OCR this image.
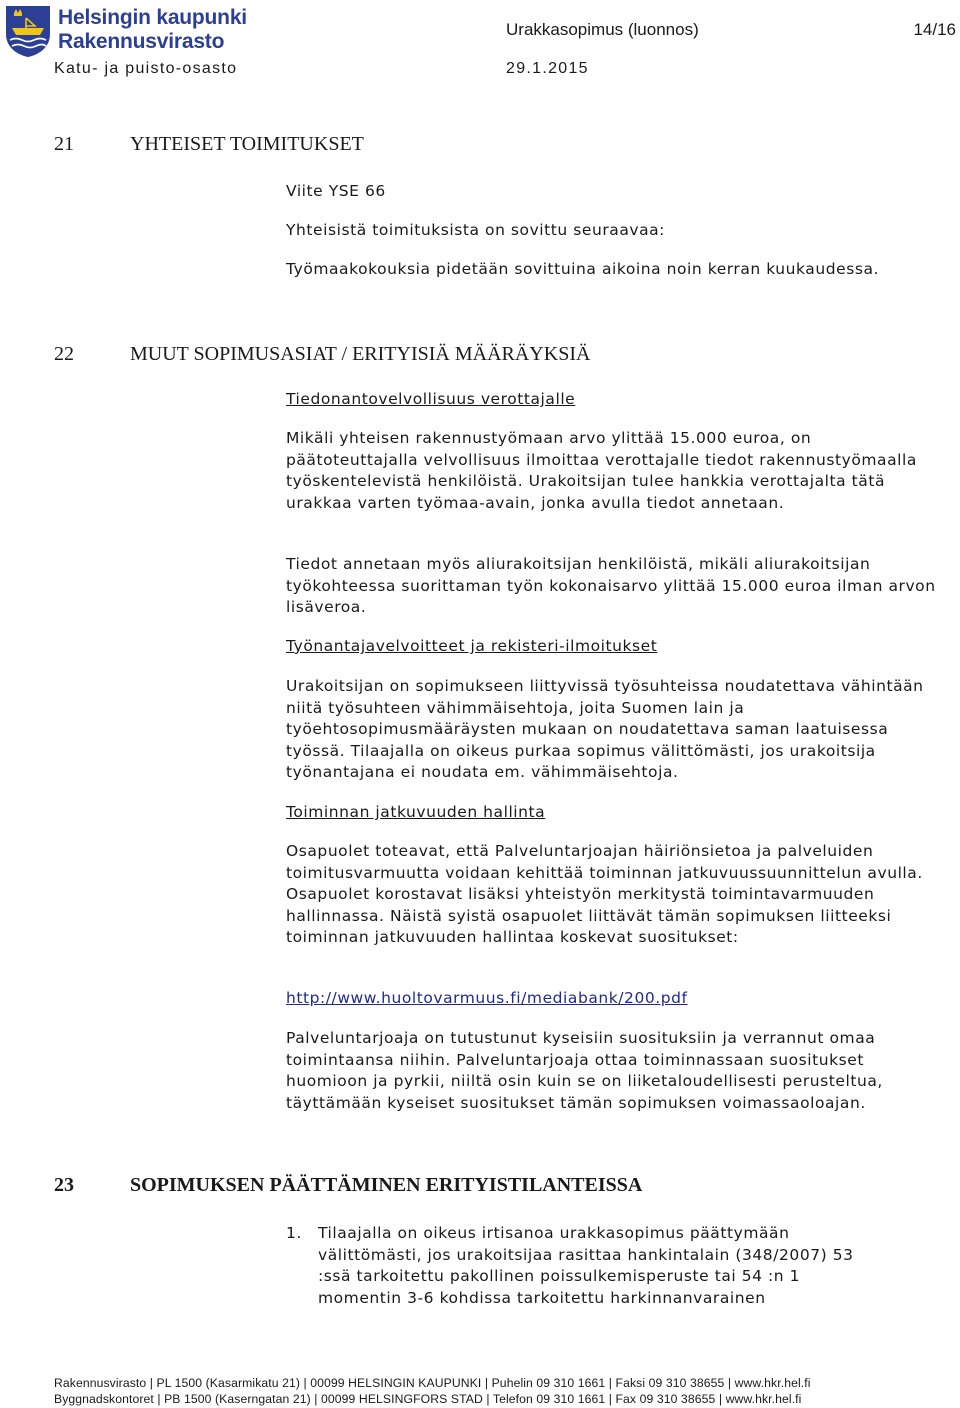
Helsingin kaupunki
Rakennusvirasto
Urakkasopimus (luonnos)	14/16
Katu- ja puisto-osasto	29.1.2015
21	YHTEISET TOIMITUKSET
Viite YSE 66
Yhteisistä toimituksista on sovittu seuraavaa:
Työmaakokouksia pidetään sovittuina aikoina noin kerran kuukaudessa.
22	MUUT SOPIMUSASIAT / ERITYISIÄ MÄÄRÄYKSIÄ
Tiedonantovelvollisuus verottajalle
Mikäli yhteisen rakennustyömaan arvo ylittää 15.000 euroa, on päätoteuttajalla velvollisuus ilmoittaa verottajalle tiedot rakennustyömaalla työskentelevistä henkilöistä. Urakoitsijan tulee hankkia verottajalta tätä urakkaa varten työmaa-avain, jonka avulla tiedot annetaan.
Tiedot annetaan myös aliurakoitsijan henkilöistä, mikäli aliurakoitsijan työkohteessa suorittaman työn kokonaisarvo ylittää 15.000 euroa ilman arvon lisäveroa.
Työnantajavelvoitteet ja rekisteri-ilmoitukset
Urakoitsijan on sopimukseen liittyvissä työsuhteissa noudatettava vähintään niitä työsuhteen vähimmäisehtoja, joita Suomen lain ja työehtosopimusmääräysten mukaan on noudatettava saman laatuisessa työssä. Tilaajalla on oikeus purkaa sopimus välittömästi, jos urakoitsija työnantajana ei noudata em. vähimmäisehtoja.
Toiminnan jatkuvuuden hallinta
Osapuolet toteavat, että Palveluntarjoajan häiriönsietoa ja palveluiden toimitusvarmuutta voidaan kehittää toiminnan jatkuvuussuunnittelun avulla. Osapuolet korostavat lisäksi yhteistyön merkitystä toimintavarmuuden hallinnassa. Näistä syistä osapuolet liittävät tämän sopimuksen liitteeksi toiminnan jatkuvuuden hallintaa koskevat suositukset:
http://www.huoltovarmuus.fi/mediabank/200.pdf
Palveluntarjoaja on tutustunut kyseisiin suosituksiin ja verrannut omaa toimintaansa niihin. Palveluntarjoaja ottaa toiminnassaan suositukset huomioon ja pyrkii, niiltä osin kuin se on liiketaloudellisesti perusteltua, täyttämään kyseiset suositukset tämän sopimuksen voimassaoloajan.
23	SOPIMUKSEN PÄÄTTÄMINEN ERITYISTILANTEISSA
1.	Tilaajalla on oikeus irtisanoa urakkasopimus päättymään
välittömästi, jos urakoitsijaa rasittaa hankintalain (348/2007) 53
:ssä tarkoitettu pakollinen poissulkemisperuste tai 54 :n 1
momentin 3-6 kohdissa tarkoitettu harkinnanvarainen
Rakennusvirasto | PL 1500 (Kasarmikatu 21) | 00099 HELSINGIN KAUPUNKI | Puhelin 09 310 1661 | Faksi 09 310 38655 | www.hkr.hel.fi
Byggnadskontoret | PB 1500 (Kaserngatan 21) | 00099 HELSINGFORS STAD | Telefon 09 310 1661 | Fax 09 310 38655 | www.hkr.hel.fi
